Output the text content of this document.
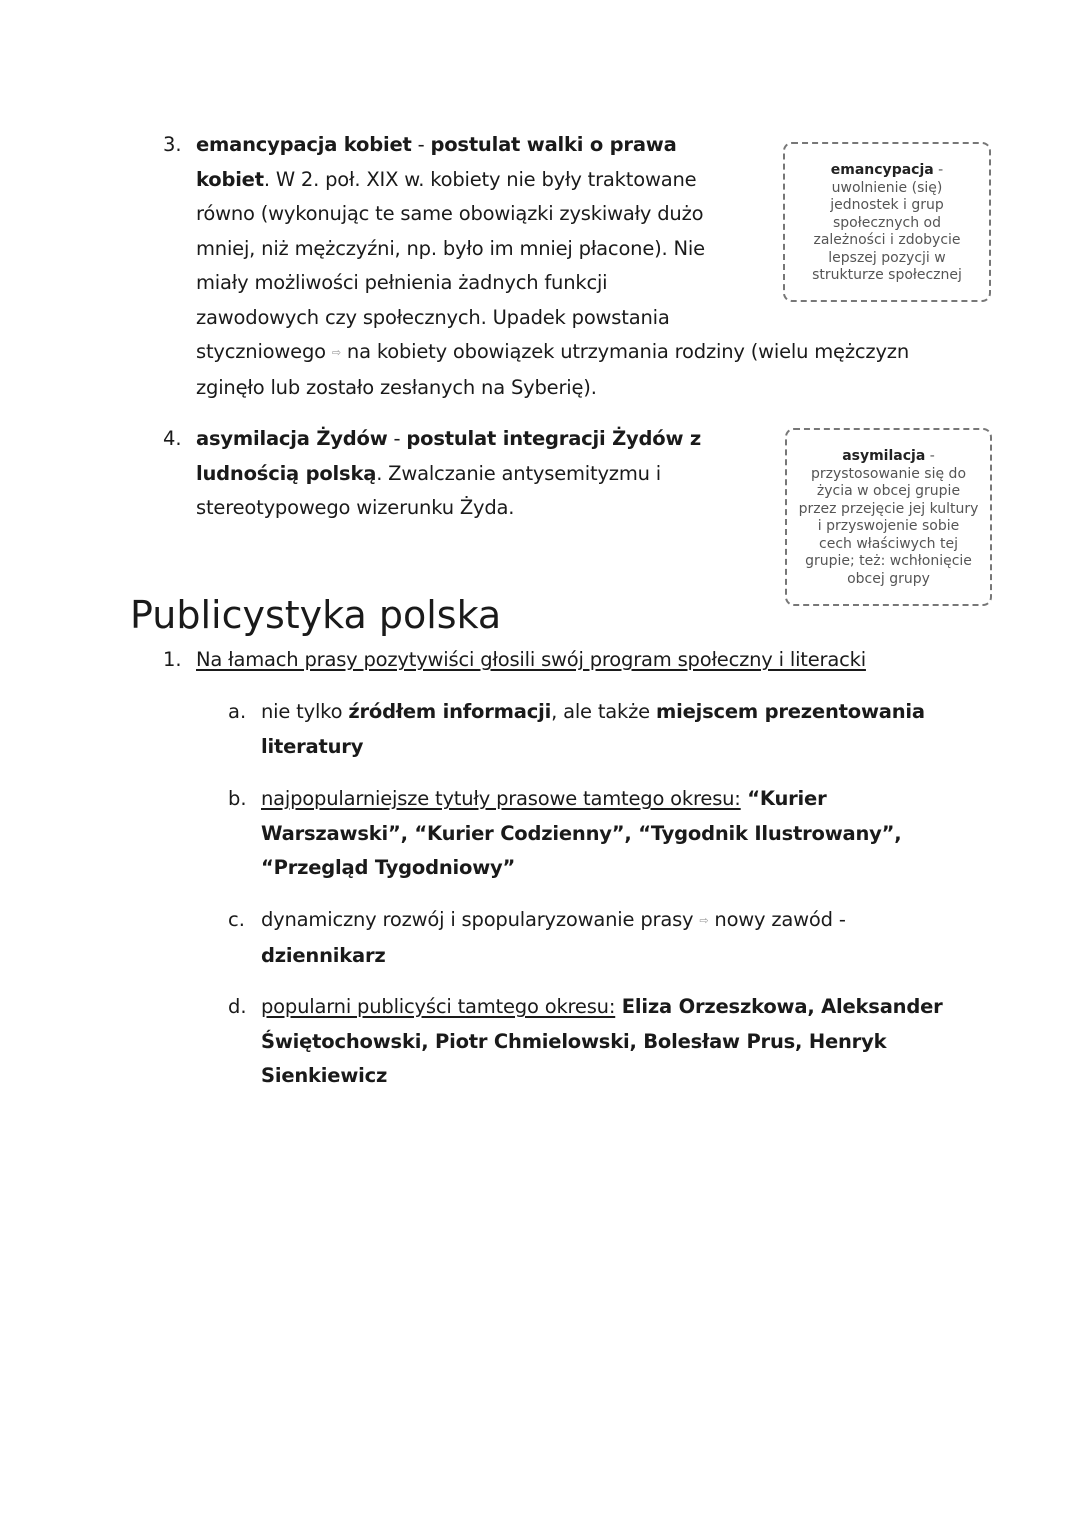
3. emancypacja kobiet - postulat walki o prawa
kobiet. W 2. poł. XIX w. kobiety nie były traktowane
równo (wykonując te same obowiązki zyskiwały dużo
mniej, niż mężczyźni, np. było im mniej płacone). Nie
miały możliwości pełnienia żadnych funkcji
zawodowych czy społecznych. Upadek powstania
styczniowego ⇨ na kobiety obowiązek utrzymania rodziny (wielu mężczyzn
zginęło lub zostało zesłanych na Syberię).
emancypacja -
uwolnienie (się)
jednostek i grup
społecznych od
zależności i zdobycie
lepszej pozycji w
strukturze społecznej
4. asymilacja Żydów - postulat integracji Żydów z
ludnością polską. Zwalczanie antysemityzmu i
stereotypowego wizerunku Żyda.
asymilacja -
przystosowanie się do
życia w obcej grupie
przez przejęcie jej kultury
i przyswojenie sobie
cech właściwych tej
grupie; też: wchłonięcie
obcej grupy
Publicystyka polska
1. Na łamach prasy pozytywiści głosili swój program społeczny i literacki
a. nie tylko źródłem informacji, ale także miejscem prezentowania
literatury
b. najpopularniejsze tytuły prasowe tamtego okresu: “Kurier
Warszawski”, “Kurier Codzienny”, “Tygodnik Ilustrowany”,
“Przegląd Tygodniowy”
c. dynamiczny rozwój i spopularyzowanie prasy ⇨ nowy zawód -
dziennikarz
d. popularni publicyści tamtego okresu: Eliza Orzeszkowa, Aleksander
Świętochowski, Piotr Chmielowski, Bolesław Prus, Henryk
Sienkiewicz
